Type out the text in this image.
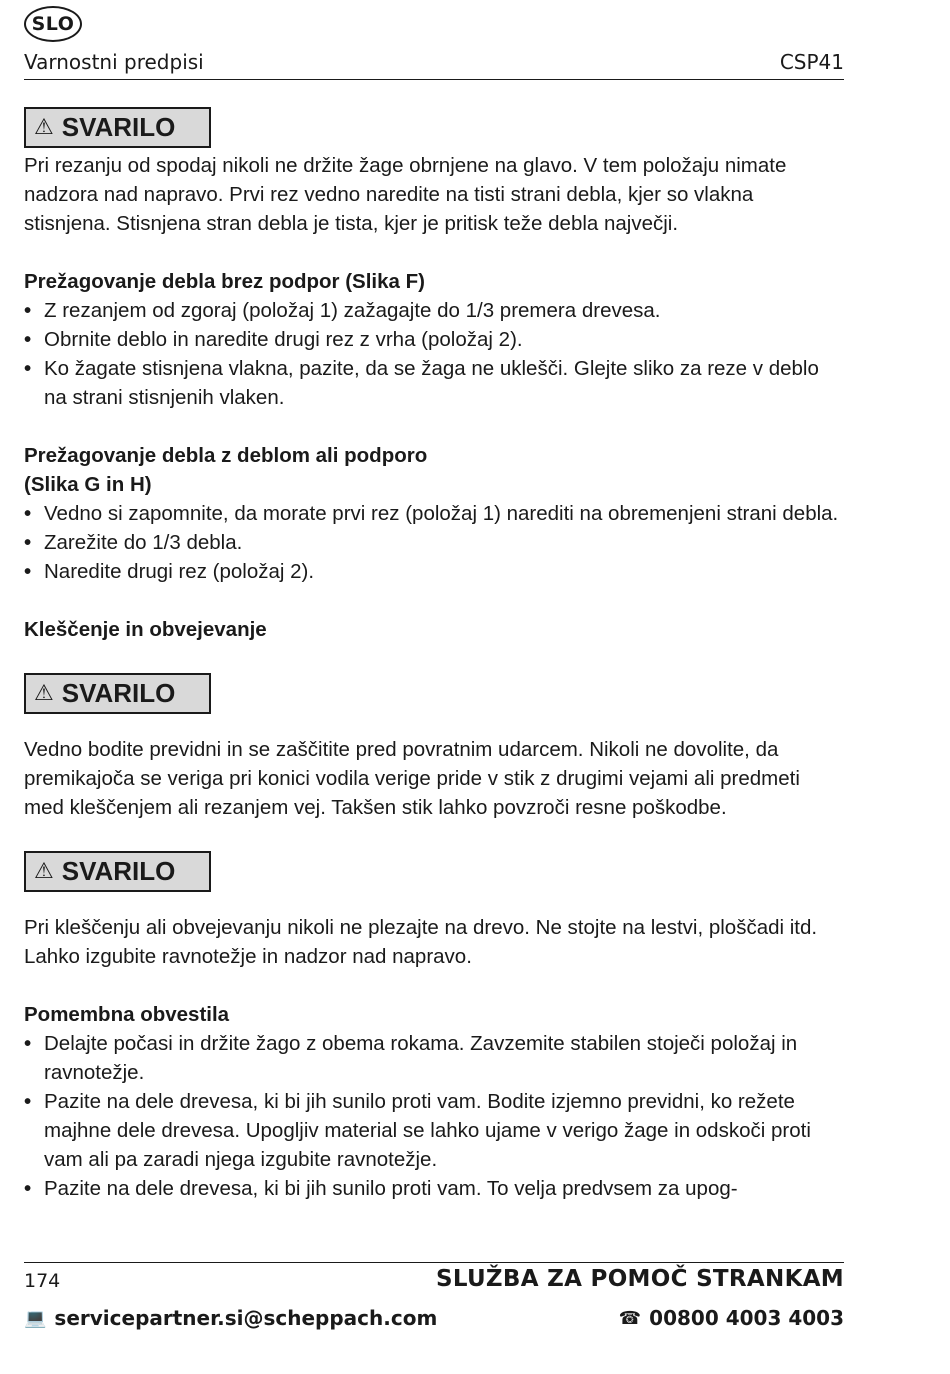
SLO
Varnostni predpisi	CSP41
⚠ SVARILO

Pri rezanju od spodaj nikoli ne držite žage obrnjene na glavo. V tem položaju nimate nadzora nad napravo. Prvi rez vedno naredite na tisti strani debla, kjer so vlakna stisnjena. Stisnjena stran debla je tista, kjer je pritisk teže debla največji.

Prežagovanje debla brez podpor (Slika F)
• Z rezanjem od zgoraj (položaj 1) zažagajte do 1/3 premera drevesa.
• Obrnite deblo in naredite drugi rez z vrha (položaj 2).
• Ko žagate stisnjena vlakna, pazite, da se žaga ne uklešči. Glejte sliko za reze v deblo na strani stisnjenih vlaken.
Prežagovanje debla z deblom ali podporo
(Slika G in H)
• Vedno si zapomnite, da morate prvi rez (položaj 1) narediti na obremenjeni strani debla.
• Zarežite do 1/3 debla.
• Naredite drugi rez (položaj 2).
Kleščenje in obvejevanje
⚠ SVARILO

Vedno bodite previdni in se zaščitite pred povratnim udarcem. Nikoli ne dovolite, da premikajoča se veriga pri konici vodila verige pride v stik z drugimi vejami ali predmeti med kleščenjem ali rezanjem vej. Takšen stik lahko povzroči resne poškodbe.

⚠ SVARILO

Pri kleščenju ali obvejevanju nikoli ne plezajte na drevo. Ne stojte na lestvi, ploščadi itd. Lahko izgubite ravnotežje in nadzor nad napravo.

Pomembna obvestila
• Delajte počasi in držite žago z obema rokama. Zavzemite stabilen stoječi položaj in ravnotežje.
• Pazite na dele drevesa, ki bi jih sunilo proti vam. Bodite izjemno previdni, ko režete majhne dele drevesa. Upogljiv material se lahko ujame v verigo žage in odskoči proti vam ali pa zaradi njega izgubite ravnotežje.
• Pazite na dele drevesa, ki bi jih sunilo proti vam. To velja predvsem za upog-
174	SLUŽBA ZA POMOČ STRANKAM
💻 servicepartner.si@scheppach.com	☎ 00800 4003 4003
